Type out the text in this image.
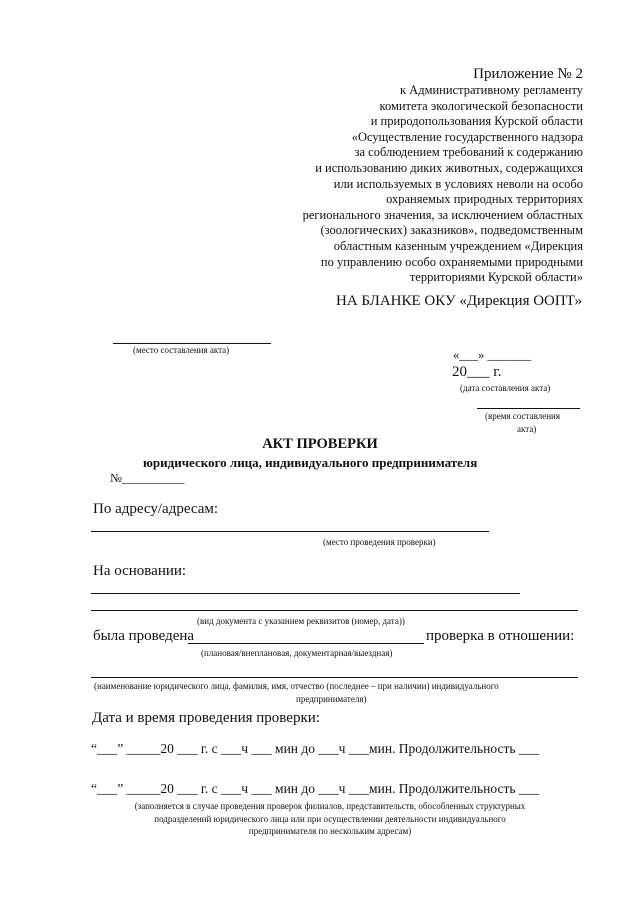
Приложение № 2
к Административному регламенту
комитета экологической безопасности
и природопользования Курской области
«Осуществление государственного надзора
за соблюдением требований к содержанию
и использованию диких животных, содержащихся
или используемых в условиях неволи на особо
охраняемых природных территориях
регионального значения, за исключением областных
(зоологических) заказников», подведомственным
областным казенным учреждением «Дирекция
по управлению особо охраняемыми природными
территориями Курской области»
НА БЛАНКЕ ОКУ «Дирекция ООПТ»
(место составления акта)	«___» _______
20___ г.
(дата составления акта)
(время составления
акта)
АКТ ПРОВЕРКИ
юридического лица, индивидуального предпринимателя
№__________
По адресу/адресам:
(место проведения проверки)
На основании:
(вид документа с указанием реквизитов (номер, дата))
была проведена	проверка в отношении:
(плановая/внеплановая, документарная/выездная)
(наименование юридического лица, фамилия, имя, отчество (последнее – при наличии) индивидуального
предпринимателя)
Дата и время проведения проверки:
“___” _____20 ___ г. с ___ч ___ мин до ___ч ___мин. Продолжительность ___
“___” _____20 ___ г. с ___ч ___ мин до ___ч ___мин. Продолжительность ___
(заполняется в случае проведения проверок филиалов, представительств, обособленных структурных
подразделений юридического лица или при осуществлении деятельности индивидуального
предпринимателя по нескольким адресам)
